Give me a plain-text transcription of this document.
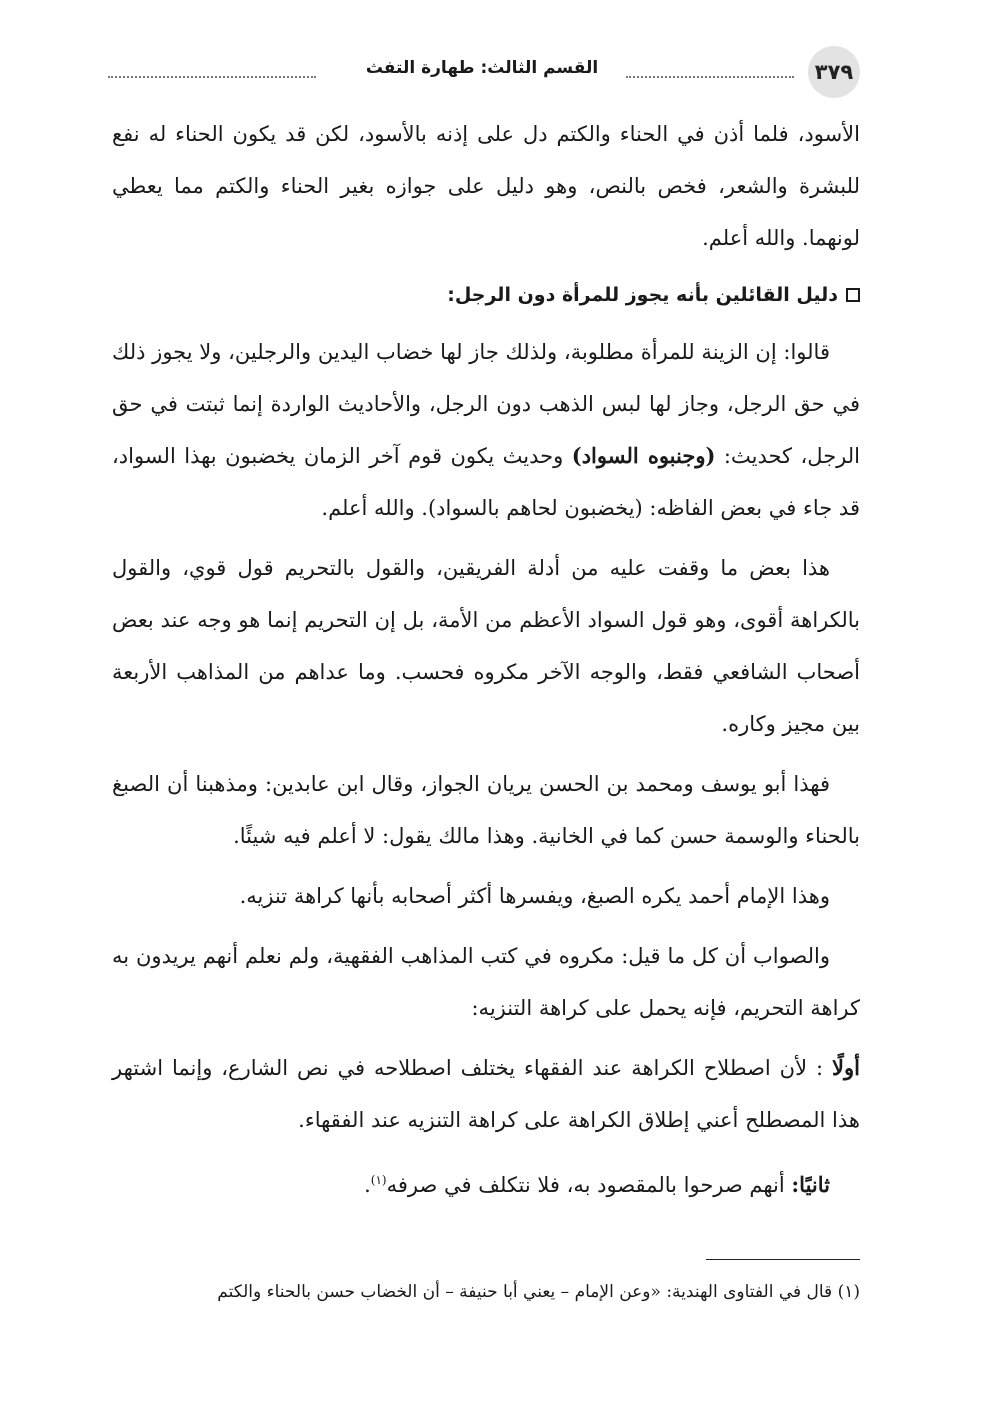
٣٧٩
القسم الثالث: طهارة التفث

الأسود، فلما أذن في الحناء والكتم دل على إذنه بالأسود، لكن قد يكون الحناء له نفع للبشرة والشعر، فخص بالنص، وهو دليل على جوازه بغير الحناء والكتم مما يعطي لونهما. والله أعلم.

دليل القائلين بأنه يجوز للمرأة دون الرجل:

قالوا: إن الزينة للمرأة مطلوبة، ولذلك جاز لها خضاب اليدين والرجلين، ولا يجوز ذلك في حق الرجل، وجاز لها لبس الذهب دون الرجل، والأحاديث الواردة إنما ثبتت في حق الرجل، كحديث: (وجنبوه السواد) وحديث يكون قوم آخر الزمان يخضبون بهذا السواد، قد جاء في بعض الفاظه: (يخضبون لحاهم بالسواد). والله أعلم.

هذا بعض ما وقفت عليه من أدلة الفريقين، والقول بالتحريم قول قوي، والقول بالكراهة أقوى، وهو قول السواد الأعظم من الأمة، بل إن التحريم إنما هو وجه عند بعض أصحاب الشافعي فقط، والوجه الآخر مكروه فحسب. وما عداهم من المذاهب الأربعة بين مجيز وكاره.

فهذا أبو يوسف ومحمد بن الحسن يريان الجواز، وقال ابن عابدين: ومذهبنا أن الصبغ بالحناء والوسمة حسن كما في الخانية. وهذا مالك يقول: لا أعلم فيه شيئًا.

وهذا الإمام أحمد يكره الصبغ، ويفسرها أكثر أصحابه بأنها كراهة تنزيه.

والصواب أن كل ما قيل: مكروه في كتب المذاهب الفقهية، ولم نعلم أنهم يريدون به كراهة التحريم، فإنه يحمل على كراهة التنزيه:

أولًا : لأن اصطلاح الكراهة عند الفقهاء يختلف اصطلاحه في نص الشارع، وإنما اشتهر هذا المصطلح أعني إطلاق الكراهة على كراهة التنزيه عند الفقهاء.

ثانيًا: أنهم صرحوا بالمقصود به، فلا نتكلف في صرفه$^{(١)}$.

(١) قال في الفتاوى الهندية: «وعن الإمام – يعني أبا حنيفة – أن الخضاب حسن بالحناء والكتم
